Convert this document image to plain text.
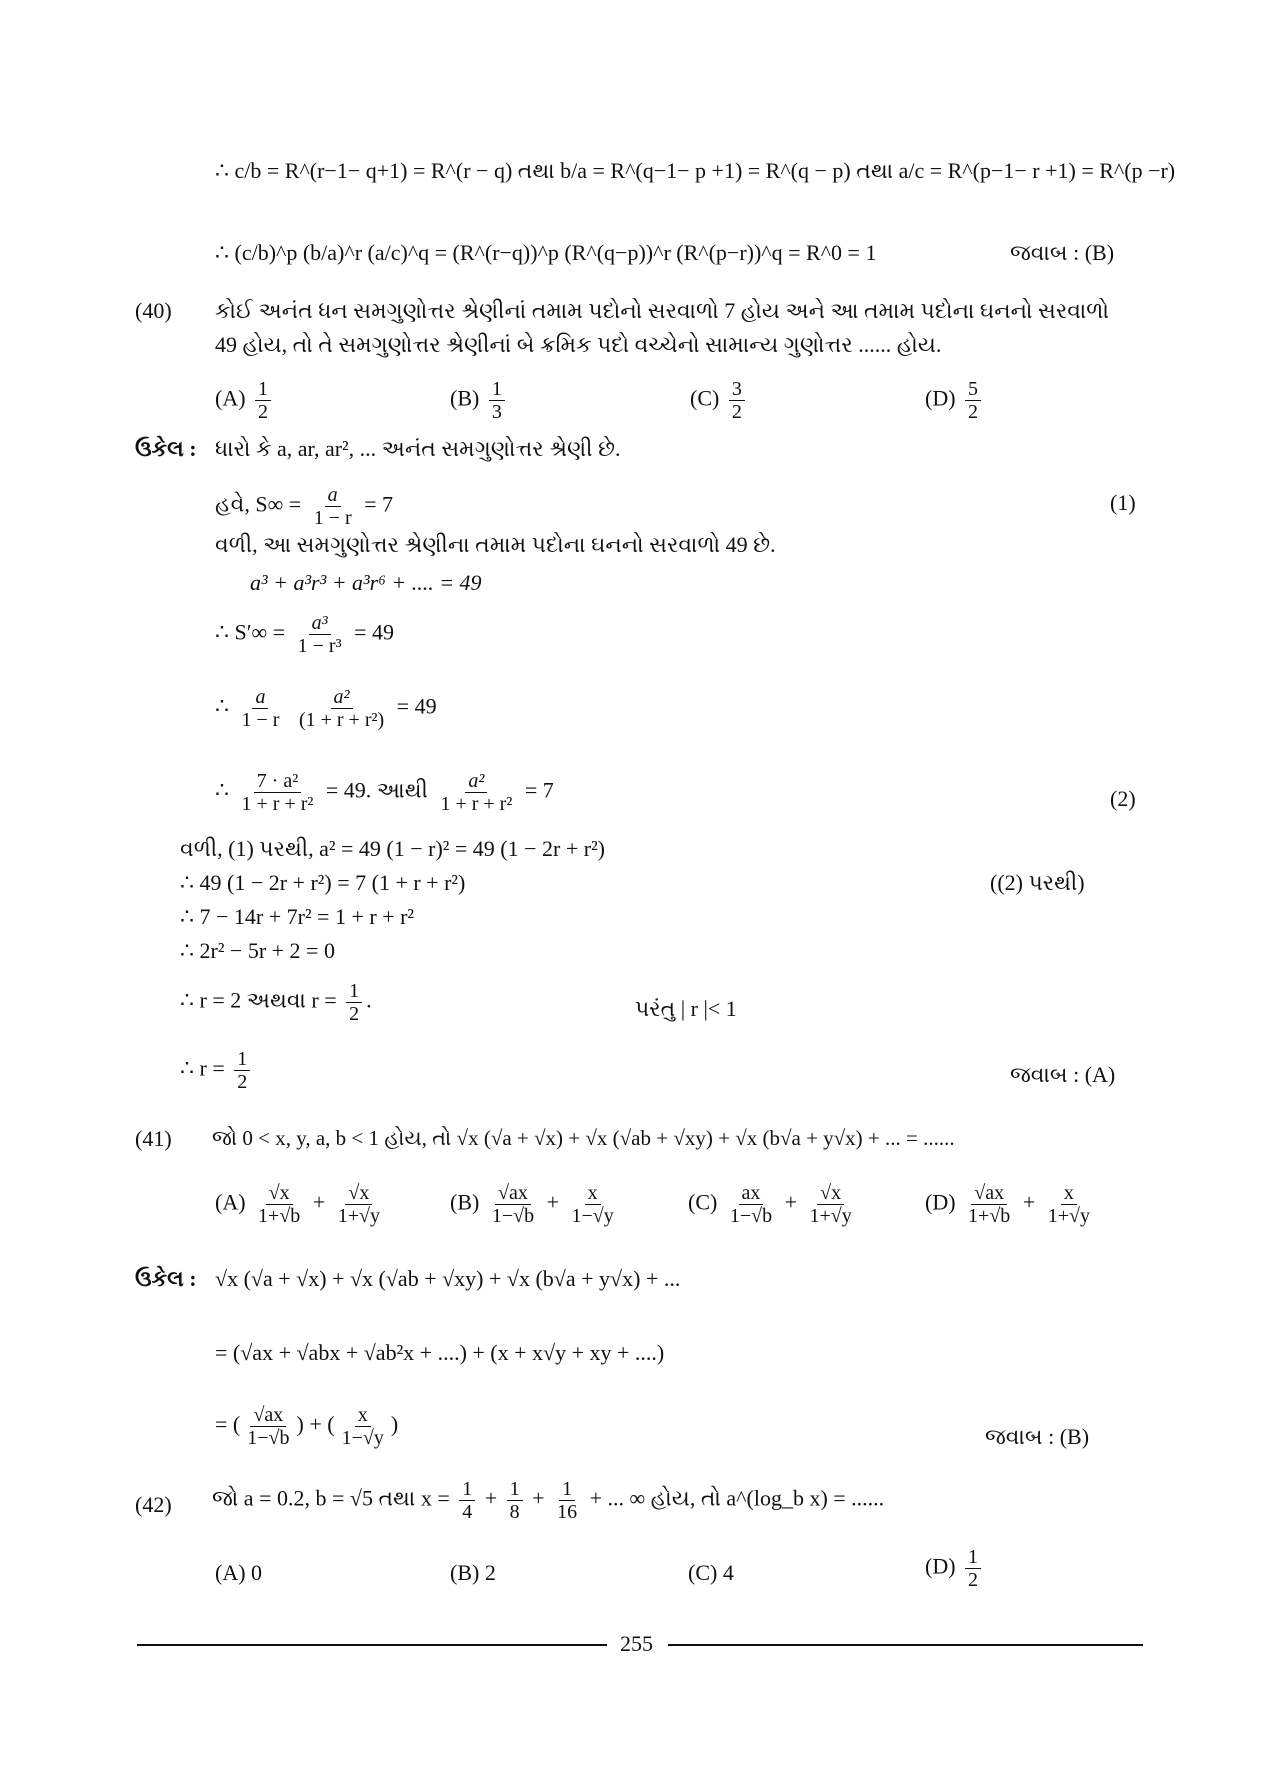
∴ c/b = R^(r−1− q+1) = R^(r − q) તથા b/a = R^(q−1− p +1) = R^(q − p) તથા a/c = R^(p−1− r +1) = R^(p −r)
∴ (c/b)^p (b/a)^r (a/c)^q = (R^(r−q))^p (R^(q−p))^r (R^(p−r))^q = R^0 = 1	જવાબ : (B)
(40) કોઈ અનંત ધન સમગુણોત્તર શ્રેણીનાં તમામ પદોનો સરવાળો 7 હોય અને આ તમામ પદોના ઘનનો સરવાળો
49 હોય, તો તે સમગુણોત્તર શ્રેણીનાં બે ક્રમિક પદો વચ્ચેનો સામાન્ય ગુણોત્તર ...... હોય.
$(A) \frac{1}{2}$	$(B) \frac{1}{3}$	$(C) \frac{3}{2}$	$(D) \frac{5}{2}$
ઉકેલ : ધારો કે a, ar, ar², ... અનંત સમગુણોત્તર શ્રેણી છે.
હવે, $S\infty = \frac{a}{1 - r} = 7$	(1)
વળી, આ સમગુણોત્તર શ્રેણીના તમામ પદોના ઘનનો સરવાળો 49 છે.
a³ + a³r³ + a³r⁶ + .... = 49
∴ $S'\infty = \frac{\text{a³}}{\text{1 − r³}} = 49$
∴ $\frac{a}{1 - r}$
$\frac{\text{a²}}{\text{(1 + r + r²)}} = 49$
∴ $\frac{\text{7 · a²}}{\text{1 + r + r²}} = 49$. આથી $\frac{\text{a²}}{\text{1 + r + r²}} = 7$	(2)
વળી, (1) પરથી, a² = 49 (1 − r)² = 49 (1 − 2r + r²)
∴ 49 (1 − 2r + r²) = 7 (1 + r + r²)	((2) પરથી)
∴ 7 − 14r + 7r² = 1 + r + r²
∴ 2r² − 5r + 2 = 0
∴ r = 2 અથવા $r = \frac{1}{2}$ .	પરંતુ | r |< 1
∴ $r = \frac{1}{2}$	જવાબ : (A)
(41) જો 0 < x, y, a, b < 1 હોય, તો √x (√a + √x) + √x (√ab + √xy) + √x (b√a + y√x) + ... = ......
$(A) \frac{√x}{1+√b} + \frac{√x}{1+√y}$	$(B) \frac{√ax}{1-√b} + \frac{x}{1-√y}$	$(C) \frac{ax}{1-√b} + \frac{√x}{1+√y}$	$(D) \frac{√ax}{1+√b} + \frac{x}{1+√y}$
ઉકેલ : √x (√a + √x) + √x (√ab + √xy) + √x (b√a + y√x) + ...
= (√ax + √abx + √ab²x + ....) + (x + x√y + xy + ....)
= ( $\frac{√ax}{1-√b}$ ) + ( $\frac{x}{1-√y}$ )	જવાબ : (B)
(42) જો a = 0.2, b = √5 તથા $x = \frac{1}{4} + \frac{1}{8} + \frac{1}{16}$ + ... ∞ હોય, તો a^(log_b x) = ......
(A) 0	(B) 2	(C) 4	$(D) \frac{1}{2}$
255
